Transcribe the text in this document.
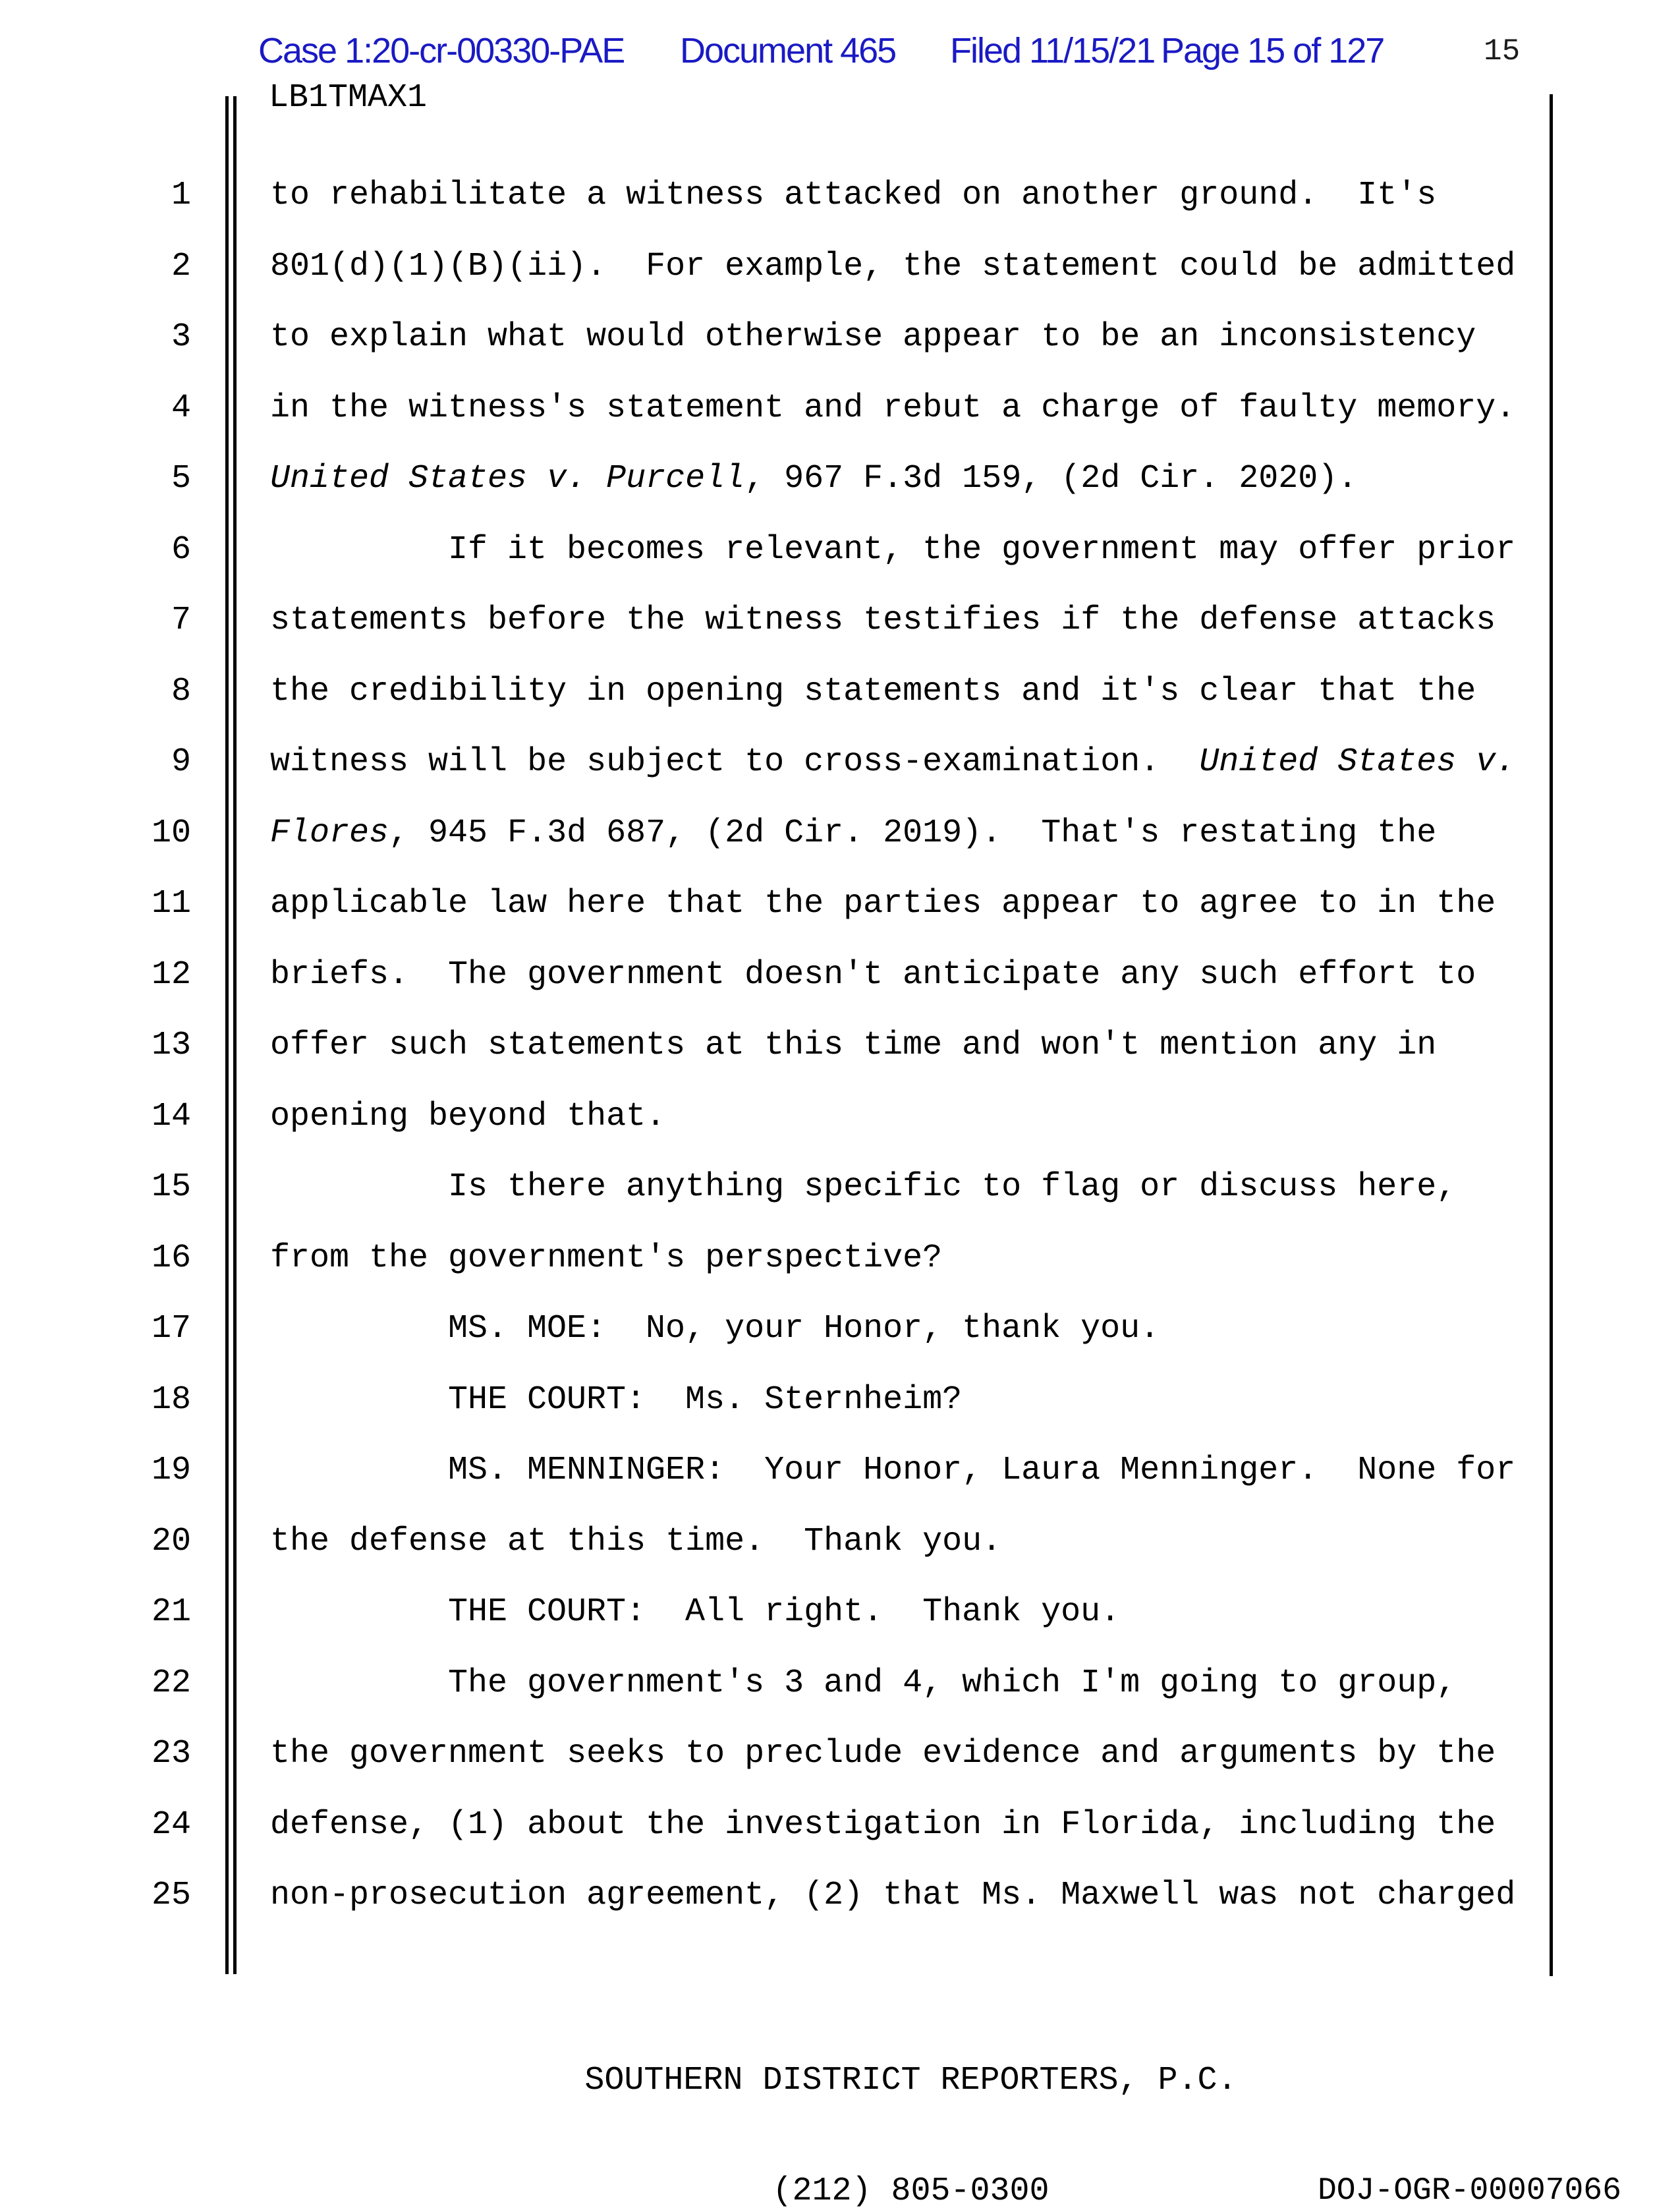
Case 1:20-cr-00330-PAE Document 465 Filed 11/15/21 Page 15 of 127	15
LB1TMAX1
1 to rehabilitate a witness attacked on another ground.  It's
2 801(d)(1)(B)(ii).  For example, the statement could be admitted
3 to explain what would otherwise appear to be an inconsistency
4 in the witness's statement and rebut a charge of faulty memory.
5 United States v. Purcell, 967 F.3d 159, (2d Cir. 2020).
6	If it becomes relevant, the government may offer prior
7 statements before the witness testifies if the defense attacks
8 the credibility in opening statements and it's clear that the
9 witness will be subject to cross-examination.  United States v.
10 Flores, 945 F.3d 687, (2d Cir. 2019).  That's restating the
11 applicable law here that the parties appear to agree to in the
12 briefs.  The government doesn't anticipate any such effort to
13 offer such statements at this time and won't mention any in
14 opening beyond that.
15	Is there anything specific to flag or discuss here,
16 from the government's perspective?
17	MS. MOE:  No, your Honor, thank you.
18	THE COURT:  Ms. Sternheim?
19	MS. MENNINGER:  Your Honor, Laura Menninger.  None for
20 the defense at this time.  Thank you.
21	THE COURT:  All right.  Thank you.
22	The government's 3 and 4, which I'm going to group,
23 the government seeks to preclude evidence and arguments by the
24 defense, (1) about the investigation in Florida, including the
25 non-prosecution agreement, (2) that Ms. Maxwell was not charged

SOUTHERN DISTRICT REPORTERS, P.C.

(212) 805-0300

	DOJ-OGR-00007066
